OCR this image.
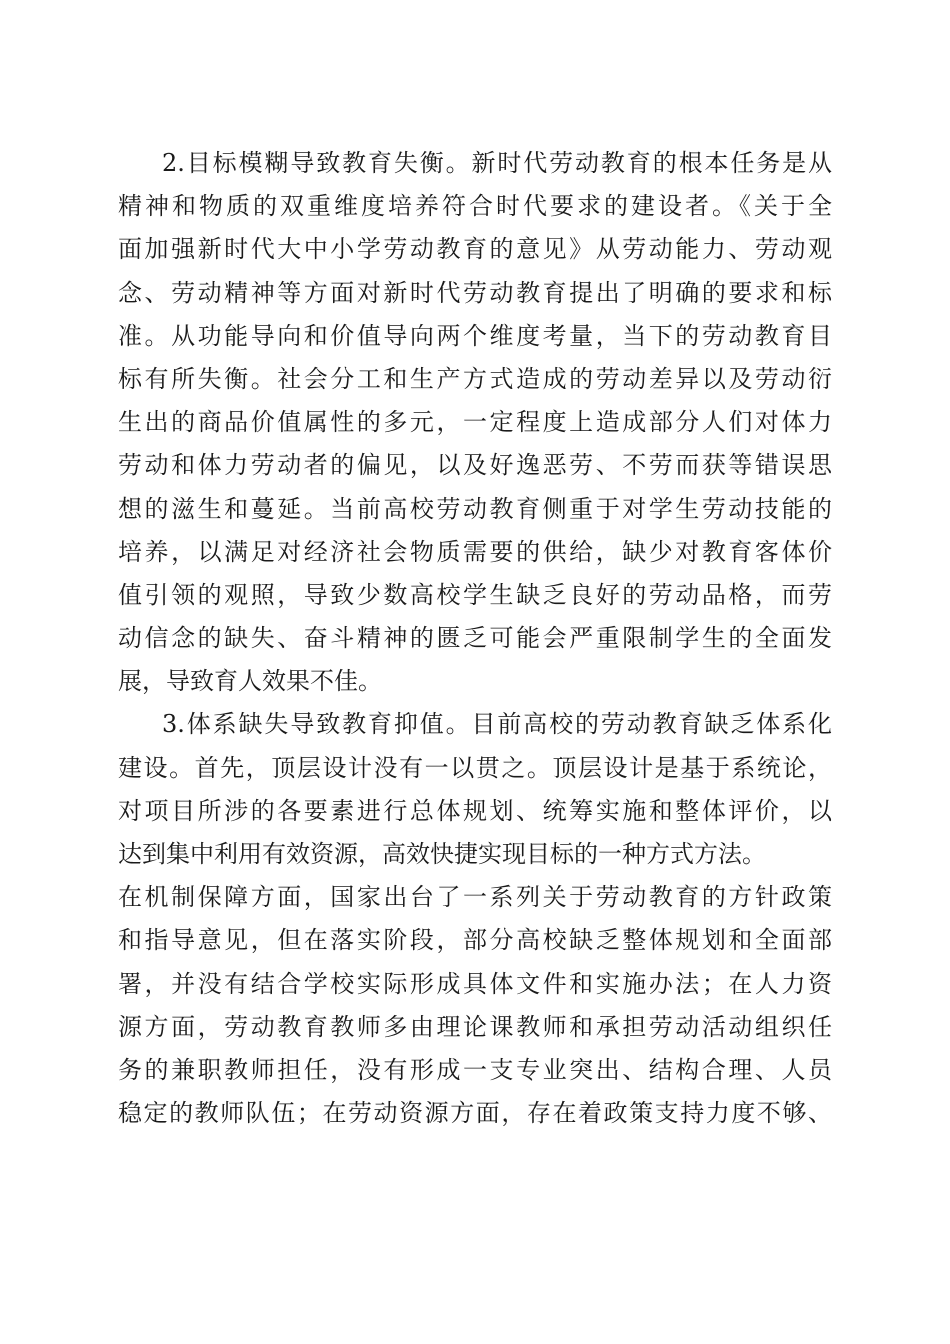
2.目标模糊导致教育失衡。新时代劳动教育的根本任务是从
精神和物质的双重维度培养符合时代要求的建设者。《关于全
面加强新时代大中小学劳动教育的意见》从劳动能力、劳动观
念、劳动精神等方面对新时代劳动教育提出了明确的要求和标
准。从功能导向和价值导向两个维度考量，当下的劳动教育目
标有所失衡。社会分工和生产方式造成的劳动差异以及劳动衍
生出的商品价值属性的多元，一定程度上造成部分人们对体力
劳动和体力劳动者的偏见，以及好逸恶劳、不劳而获等错误思
想的滋生和蔓延。当前高校劳动教育侧重于对学生劳动技能的
培养，以满足对经济社会物质需要的供给，缺少对教育客体价
值引领的观照，导致少数高校学生缺乏良好的劳动品格，而劳
动信念的缺失、奋斗精神的匮乏可能会严重限制学生的全面发
展，导致育人效果不佳。
3.体系缺失导致教育抑值。目前高校的劳动教育缺乏体系化
建设。首先，顶层设计没有一以贯之。顶层设计是基于系统论，
对项目所涉的各要素进行总体规划、统筹实施和整体评价，以
达到集中利用有效资源，高效快捷实现目标的一种方式方法。
在机制保障方面，国家出台了一系列关于劳动教育的方针政策
和指导意见，但在落实阶段，部分高校缺乏整体规划和全面部
署，并没有结合学校实际形成具体文件和实施办法；在人力资
源方面，劳动教育教师多由理论课教师和承担劳动活动组织任
务的兼职教师担任，没有形成一支专业突出、结构合理、人员
稳定的教师队伍；在劳动资源方面，存在着政策支持力度不够、
